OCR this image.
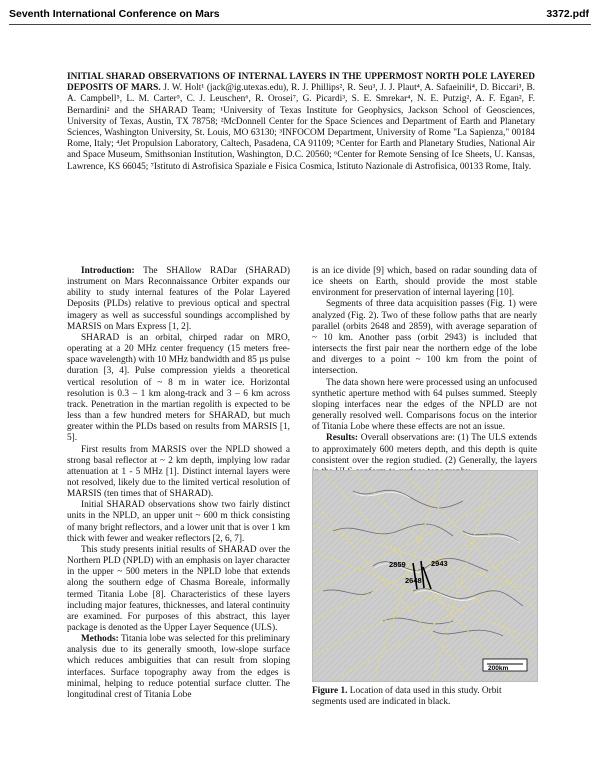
Seventh International Conference on Mars	3372.pdf
INITIAL SHARAD OBSERVATIONS OF INTERNAL LAYERS IN THE UPPERMOST NORTH POLE LAYERED DEPOSITS OF MARS. J. W. Holt¹ (jack@ig.utexas.edu), R. J. Phillips², R. Seu³, J. J. Plaut⁴, A. Safaeinili⁴, D. Biccari³, B. A. Campbell⁵, L. M. Carter⁵, C. J. Leuschen⁶, R. Orosei⁷, G. Picardi³, S. E. Smrekar⁴, N. E. Putzig², A. F. Egan², F. Bernardini² and the SHARAD Team; ¹University of Texas Institute for Geophysics, Jackson School of Geosciences, University of Texas, Austin, TX 78758; ²McDonnell Center for the Space Sciences and Department of Earth and Planetary Sciences, Washington University, St. Louis, MO 63130; ³INFOCOM Department, University of Rome "La Sapienza," 00184 Rome, Italy; ⁴Jet Propulsion Laboratory, Caltech, Pasadena, CA 91109; ⁵Center for Earth and Planetary Studies, National Air and Space Museum, Smithsonian Institution, Washington, D.C. 20560; ⁶Center for Remote Sensing of Ice Sheets, U. Kansas, Lawrence, KS 66045; ⁷Istituto di Astrofisica Spaziale e Fisica Cosmica, Istituto Nazionale di Astrofisica, 00133 Rome, Italy.

Introduction: The SHAllow RADar (SHARAD) instrument on Mars Reconnaissance Orbiter expands our ability to study internal features of the Polar Layered Deposits (PLDs) relative to previous optical and spectral imagery as well as successful soundings accomplished by MARSIS on Mars Express [1, 2].

SHARAD is an orbital, chirped radar on MRO, operating at a 20 MHz center frequency (15 meters free-space wavelength) with 10 MHz bandwidth and 85 µs pulse duration [3, 4]. Pulse compression yields a theoretical vertical resolution of ~ 8 m in water ice. Horizontal resolution is 0.3 – 1 km along-track and 3 – 6 km across track. Penetration in the martian regolith is expected to be less than a few hundred meters for SHARAD, but much greater within the PLDs based on results from MARSIS [1, 5].

First results from MARSIS over the NPLD showed a strong basal reflector at ~ 2 km depth, implying low radar attenuation at 1 - 5 MHz [1]. Distinct internal layers were not resolved, likely due to the limited vertical resolution of MARSIS (ten times that of SHARAD).

Initial SHARAD observations show two fairly distinct units in the NPLD, an upper unit ~ 600 m thick consisting of many bright reflectors, and a lower unit that is over 1 km thick with fewer and weaker reflectors [2, 6, 7].

This study presents initial results of SHARAD over the Northern PLD (NPLD) with an emphasis on layer character in the upper ~ 500 meters in the NPLD lobe that extends along the southern edge of Chasma Boreale, informally termed Titania Lobe [8]. Characteristics of these layers including major features, thicknesses, and lateral continuity are examined. For purposes of this abstract, this layer package is denoted as the Upper Layer Sequence (ULS).

Methods: Titania lobe was selected for this preliminary analysis due to its generally smooth, low-slope surface which reduces ambiguities that can result from sloping interfaces. Surface topography away from the edges is minimal, helping to reduce potential surface clutter. The longitudinal crest of Titania Lobe

is an ice divide [9] which, based on radar sounding data of ice sheets on Earth, should provide the most stable environment for preservation of internal layering [10].

Segments of three data acquisition passes (Fig. 1) were analyzed (Fig. 2). Two of these follow paths that are nearly parallel (orbits 2648 and 2859), with average separation of ~ 10 km. Another pass (orbit 2943) is included that intersects the first pair near the northern edge of the lobe and diverges to a point ~ 100 km from the point of intersection.

The data shown here were processed using an unfocused synthetic aperture method with 64 pulses summed. Steeply sloping interfaces near the edges of the NPLD are not generally resolved well. Comparisons focus on the interior of Titania Lobe where these effects are not an issue.

Results: Overall observations are: (1) The ULS extends to approximately 600 meters depth, and this depth is quite consistent over the region studied. (2) Generally, the layers

2859	2943
2648
200km
Figure 1. Location of data used in this study. Orbit segments used are indicated in black.
